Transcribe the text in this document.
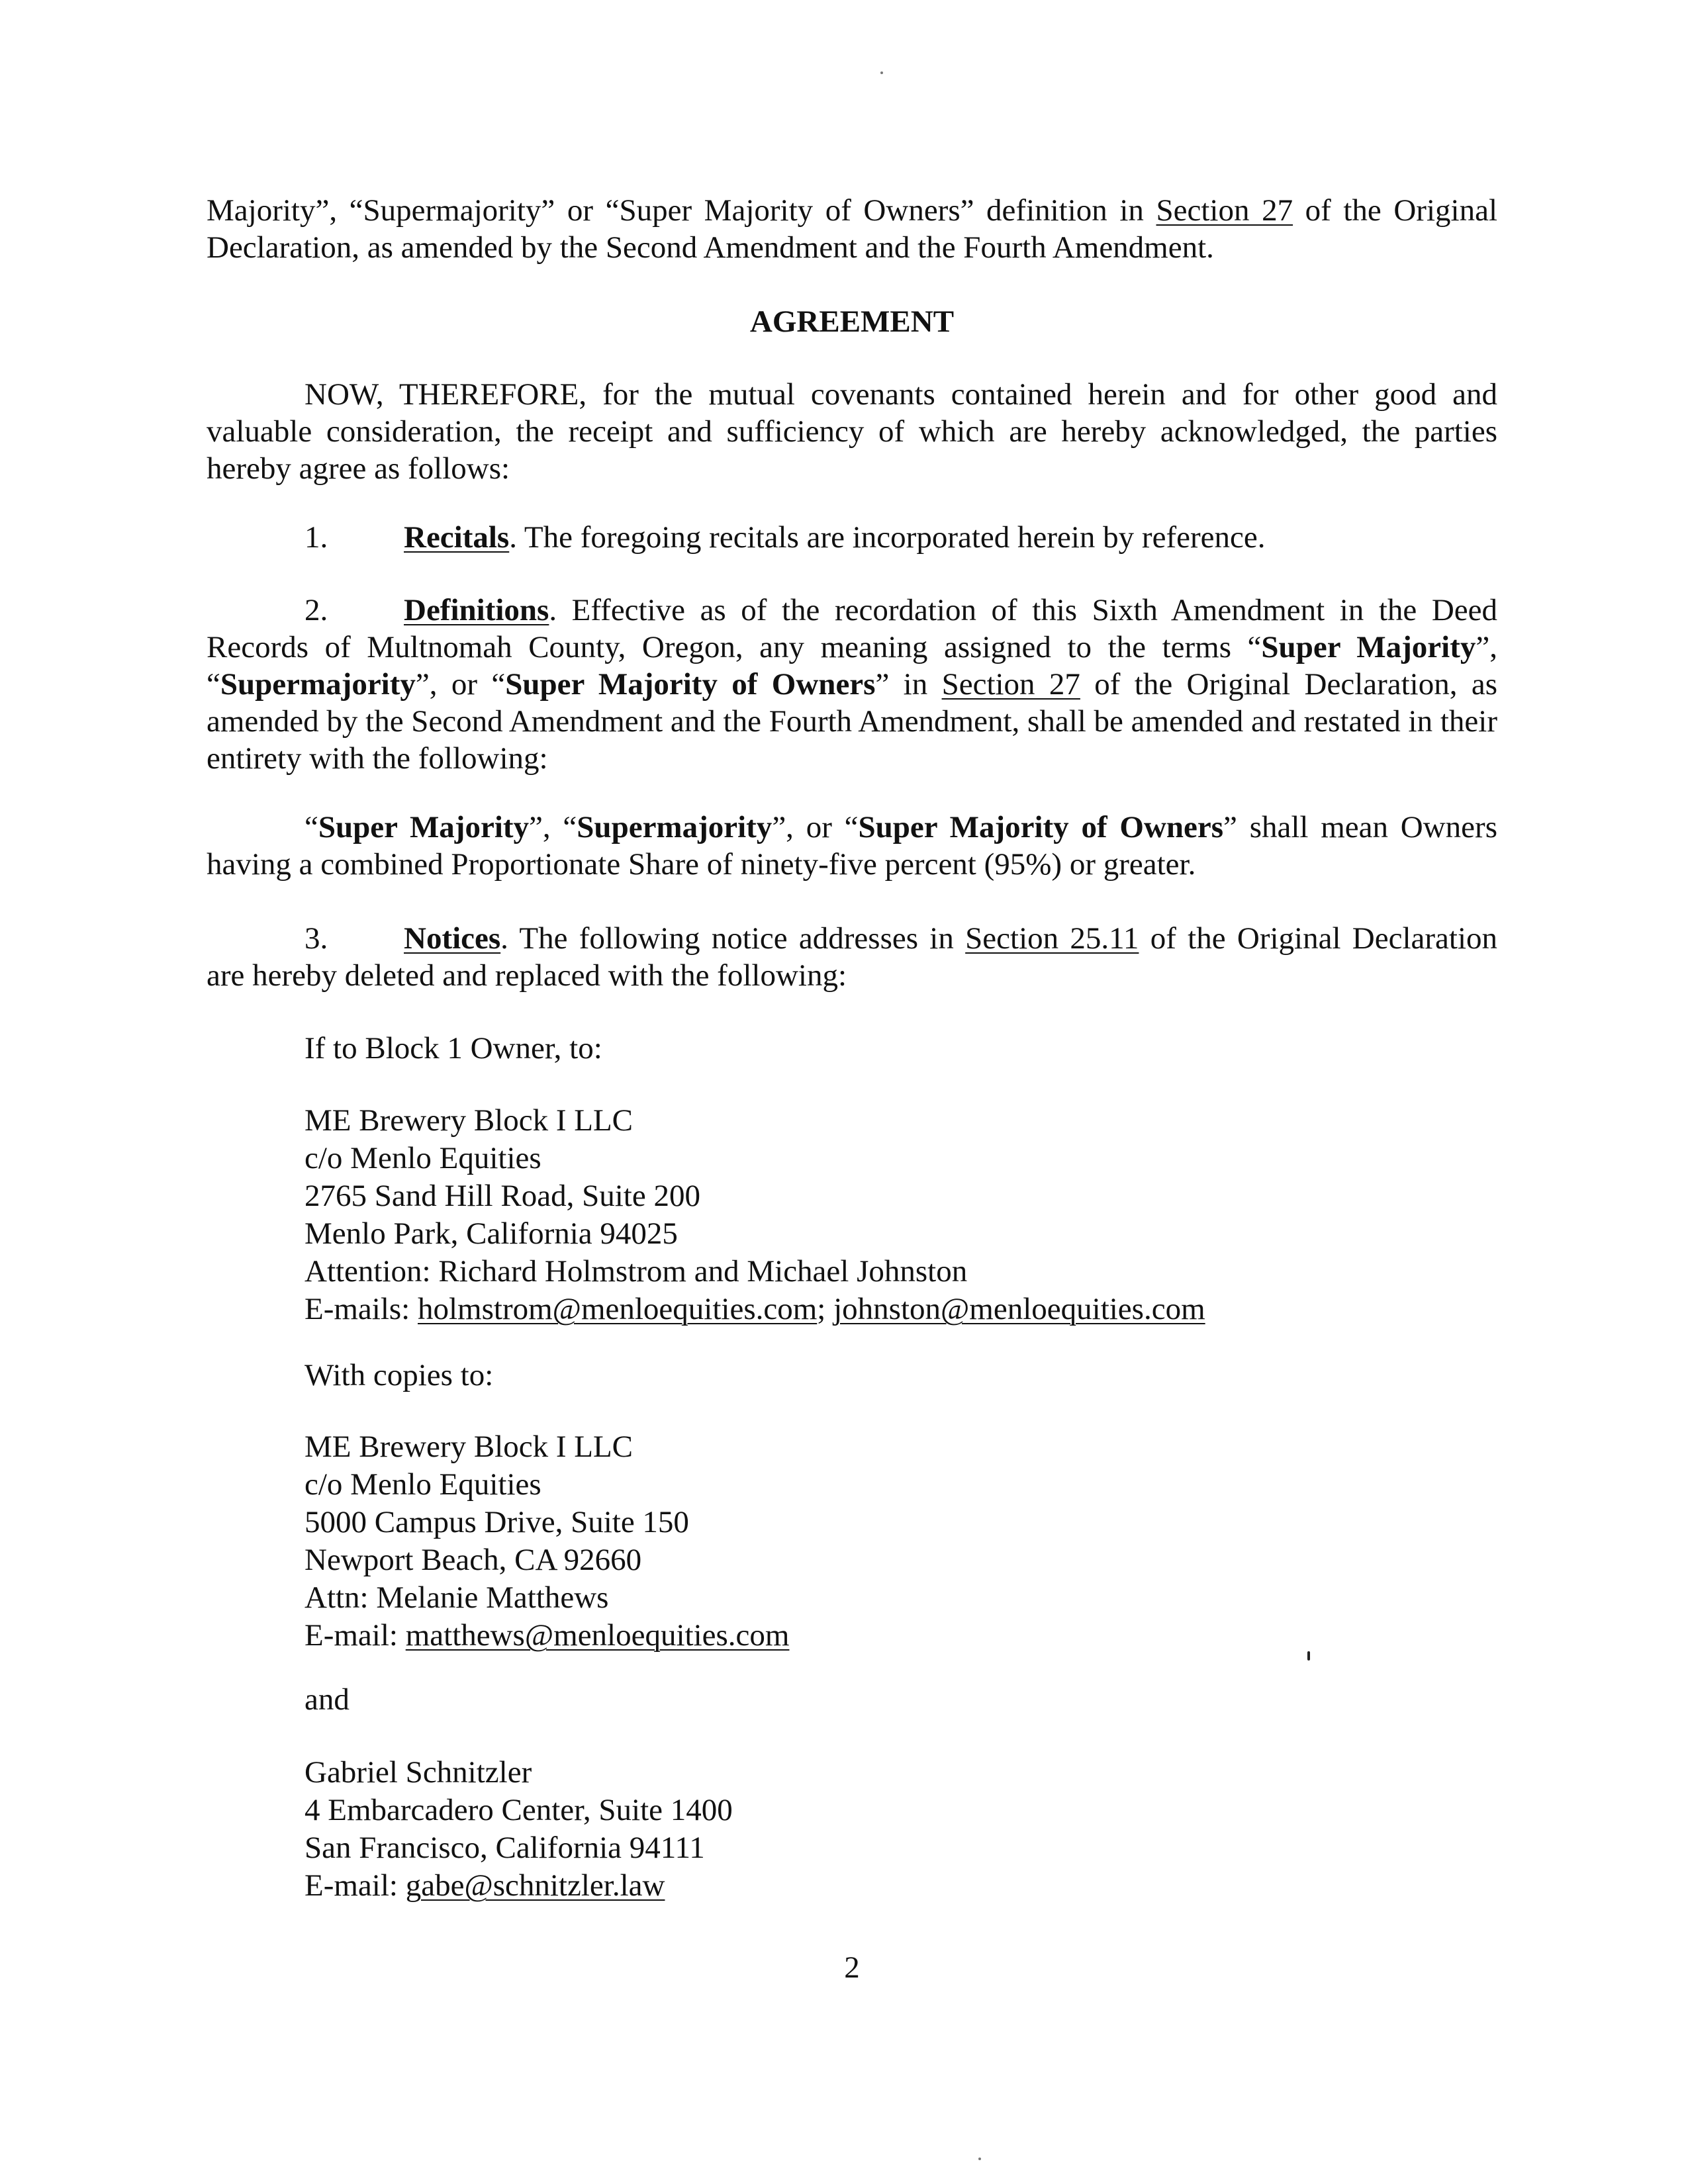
Majority”, “Supermajority” or “Super Majority of Owners” definition in Section 27 of the Original Declaration, as amended by the Second Amendment and the Fourth Amendment.

AGREEMENT

NOW, THEREFORE, for the mutual covenants contained herein and for other good and valuable consideration, the receipt and sufficiency of which are hereby acknowledged, the parties hereby agree as follows:

1. Recitals. The foregoing recitals are incorporated herein by reference.

2. Definitions. Effective as of the recordation of this Sixth Amendment in the Deed Records of Multnomah County, Oregon, any meaning assigned to the terms “Super Majority”, “Supermajority”, or “Super Majority of Owners” in Section 27 of the Original Declaration, as amended by the Second Amendment and the Fourth Amendment, shall be amended and restated in their entirety with the following:

“Super Majority”, “Supermajority”, or “Super Majority of Owners” shall mean Owners having a combined Proportionate Share of ninety-five percent (95%) or greater.

3. Notices. The following notice addresses in Section 25.11 of the Original Declaration are hereby deleted and replaced with the following:

If to Block 1 Owner, to:
ME Brewery Block I LLC
c/o Menlo Equities
2765 Sand Hill Road, Suite 200
Menlo Park, California 94025
Attention: Richard Holmstrom and Michael Johnston
E-mails: holmstrom@menloequities.com; johnston@menloequities.com
With copies to:
ME Brewery Block I LLC
c/o Menlo Equities
5000 Campus Drive, Suite 150
Newport Beach, CA 92660
Attn: Melanie Matthews
E-mail: matthews@menloequities.com
and
Gabriel Schnitzler
4 Embarcadero Center, Suite 1400
San Francisco, California 94111
E-mail: gabe@schnitzler.law
2
